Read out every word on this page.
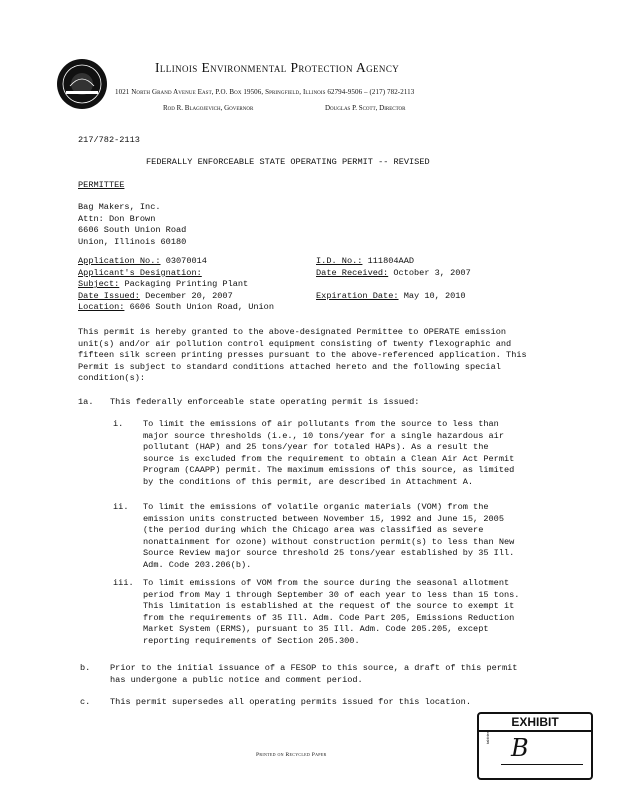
Illinois Environmental Protection Agency
1021 North Grand Avenue East, P.O. Box 19506, Springfield, Illinois 62794-9506 – (217) 782-2113
Rod R. Blagojevich, Governor	Douglas P. Scott, Director
217/782-2113
FEDERALLY ENFORCEABLE STATE OPERATING PERMIT -- REVISED
PERMITTEE
Bag Makers, Inc.
Attn: Don Brown
6606 South Union Road
Union, Illinois 60180
Application No.: 03070014
Applicant's Designation:
Subject: Packaging Printing Plant
Date Issued: December 20, 2007
Location: 6606 South Union Road, Union
I.D. No.: 111804AAD
Date Received: October 3, 2007

Expiration Date: May 10, 2010
This permit is hereby granted to the above-designated Permittee to OPERATE emission unit(s) and/or air pollution control equipment consisting of twenty flexographic and fifteen silk screen printing presses pursuant to the above-referenced application. This Permit is subject to standard conditions attached hereto and the following special condition(s):
1a. This federally enforceable state operating permit is issued:
i. To limit the emissions of air pollutants from the source to less than major source thresholds (i.e., 10 tons/year for a single hazardous air pollutant (HAP) and 25 tons/year for totaled HAPs). As a result the source is excluded from the requirement to obtain a Clean Air Act Permit Program (CAAPP) permit. The maximum emissions of this source, as limited by the conditions of this permit, are described in Attachment A.
ii. To limit the emissions of volatile organic materials (VOM) from the emission units constructed between November 15, 1992 and June 15, 2005 (the period during which the Chicago area was classified as severe nonattainment for ozone) without construction permit(s) to less than New Source Review major source threshold 25 tons/year established by 35 Ill. Adm. Code 203.206(b).
iii. To limit emissions of VOM from the source during the seasonal allotment period from May 1 through September 30 of each year to less than 15 tons. This limitation is established at the request of the source to exempt it from the requirements of 35 Ill. Adm. Code Part 205, Emissions Reduction Market System (ERMS), pursuant to 35 Ill. Adm. Code 205.205, except reporting requirements of Section 205.300.
b. Prior to the initial issuance of a FESOP to this source, a draft of this permit has undergone a public notice and comment period.
c. This permit supersedes all operating permits issued for this location.
Printed on Recycled Paper
EXHIBIT
tabbies B
